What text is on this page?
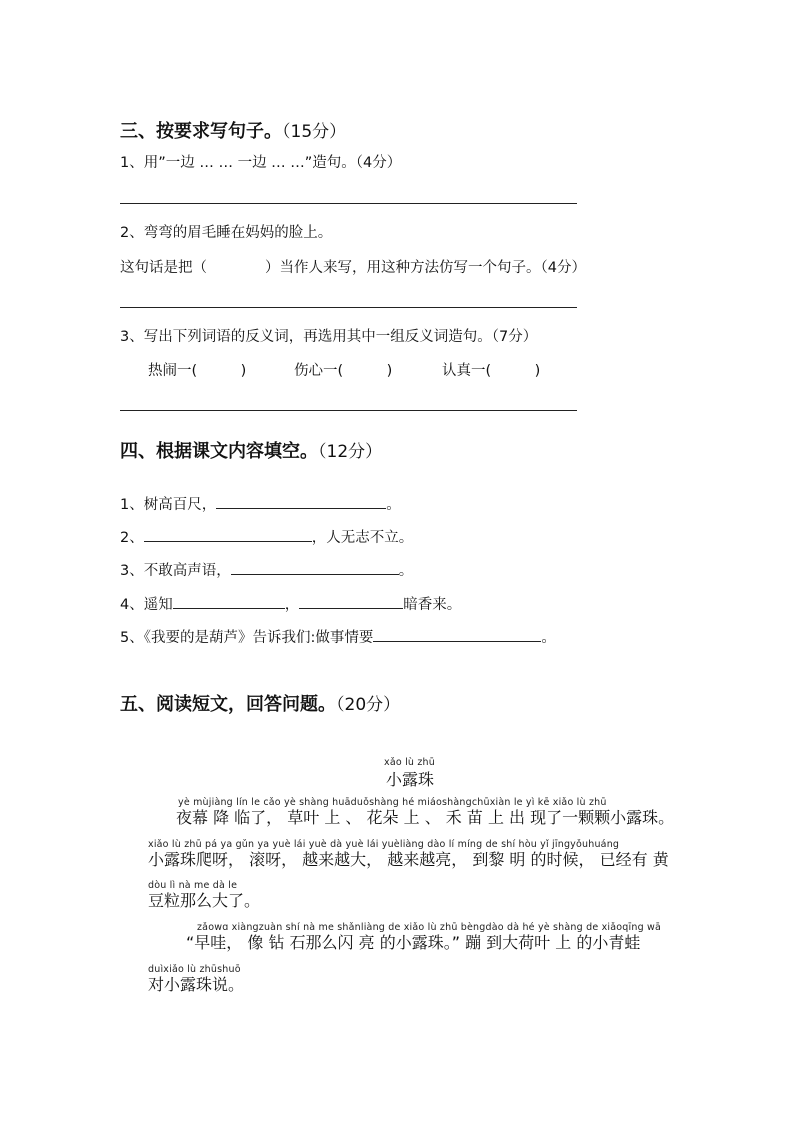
三、按要求写句子。（15分）
1、用”一边 … … 一边 … …”造句。（4分）
2、弯弯的眉毛睡在妈妈的脸上。
这句话是把（　　　　）当作人来写，用这种方法仿写一个句子。（4分）
3、写出下列词语的反义词，再选用其中一组反义词造句。（7分）
热闹一(　　　)	伤心一(　　　)	认真一(　　　)
四、根据课文内容填空。（12分）
1、树高百尺，	。
2、	，人无志不立。
3、不敢高声语，	。
4、遥知	，	暗香来。
5、《我要的是葫芦》告诉我们:做事情要	。
五、阅读短文，回答问题。（20分）
xǎo lù zhū
小露珠
yè mùjiàng lín le cǎo yè shàng huāduǒshàng hé miáoshàngchūxiàn le yì kē xiǎo lù zhū
夜幕 降 临了， 草叶 上 、 花朵 上 、 禾 苗 上 出 现了一颗颗小露珠。
xiǎo lù zhū pá ya gǔn ya yuè lái yuè dà yuè lái yuèliàng dào lí míng de shí hòu yǐ jīngyǒuhuáng
小露珠爬呀， 滚呀， 越来越大， 越来越亮， 到黎 明 的时候， 已经有 黄
dòu lì nà me dà le
豆粒那么大了。
zǎowɑ xiàngzuàn shí nà me shǎnliàng de xiǎo lù zhū bèngdào dà hé yè shàng de xiǎoqīng wā
“早哇， 像 钻 石那么闪 亮 的小露珠。” 蹦 到大荷叶 上 的小青蛙
duìxiǎo lù zhūshuō
对小露珠说。
